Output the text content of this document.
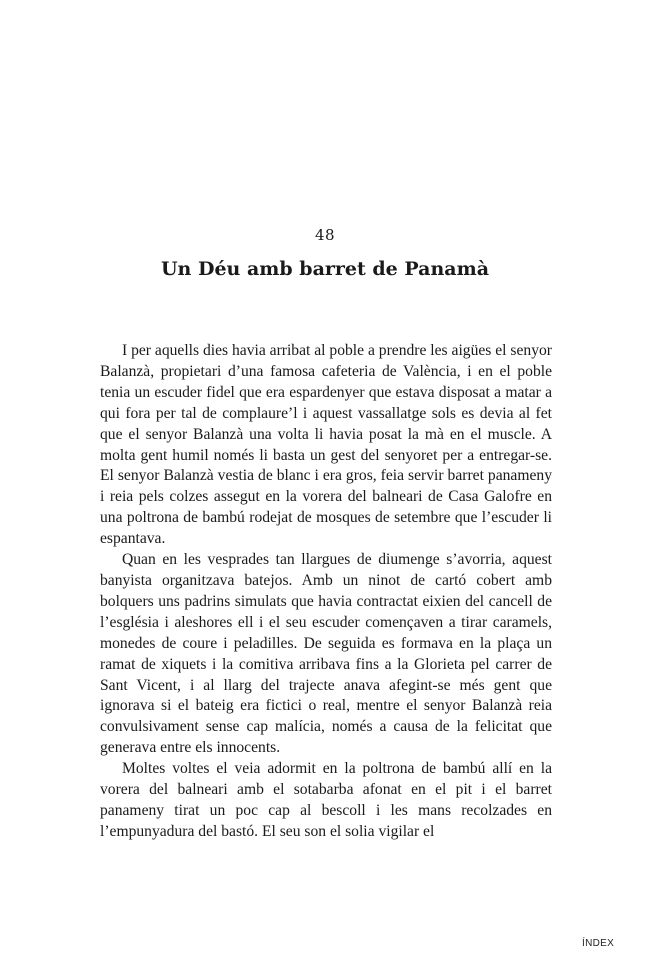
48
Un Déu amb barret de Panamà

I per aquells dies havia arribat al poble a prendre les aigües el senyor Balanzà, propietari d’una famosa cafeteria de València, i en el poble tenia un escuder fidel que era espardenyer que estava disposat a matar a qui fora per tal de complaure’l i aquest vassallatge sols es devia al fet que el senyor Balanzà una volta li havia posat la mà en el muscle. A molta gent humil només li basta un gest del senyoret per a entregar-se. El senyor Balanzà vestia de blanc i era gros, feia servir barret panameny i reia pels colzes assegut en la vorera del balneari de Casa Galofre en una poltrona de bambú rodejat de mosques de setembre que l’escuder li espantava.

Quan en les vesprades tan llargues de diumenge s’avorria, aquest banyista organitzava batejos. Amb un ninot de cartó cobert amb bolquers uns padrins simulats que havia contractat eixien del cancell de l’església i aleshores ell i el seu escuder començaven a tirar caramels, monedes de coure i peladilles. De seguida es formava en la plaça un ramat de xiquets i la comitiva arribava fins a la Glorieta pel carrer de Sant Vicent, i al llarg del trajecte anava afegint-se més gent que ignorava si el bateig era fictici o real, mentre el senyor Balanzà reia convulsivament sense cap malícia, només a causa de la felicitat que generava entre els innocents.

Moltes voltes el veia adormit en la poltrona de bambú allí en la vorera del balneari amb el sotabarba afonat en el pit i el barret panameny tirat un poc cap al bescoll i les mans recolzades en l’empunyadura del bastó. El seu son el solia vigilar el

ÍNDEX
